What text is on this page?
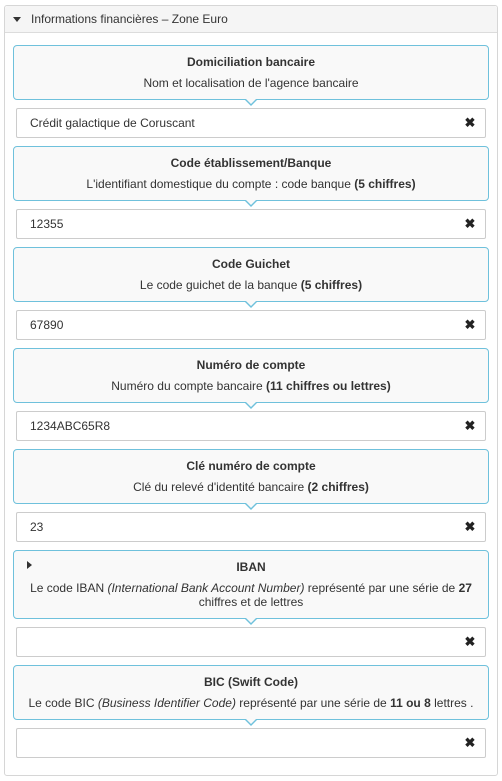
Informations financières – Zone Euro
Domiciliation bancaire
Nom et localisation de l'agence bancaire
Crédit galactique de Coruscant
✖
Code établissement/Banque
L'identifiant domestique du compte : code banque (5 chiffres)
12355
✖
Code Guichet
Le code guichet de la banque (5 chiffres)
67890
✖
Numéro de compte
Numéro du compte bancaire (11 chiffres ou lettres)
1234ABC65R8
✖
Clé numéro de compte
Clé du relevé d'identité bancaire (2 chiffres)
23
✖
IBAN
Le code IBAN (International Bank Account Number) représenté par une série de 27 chiffres et de lettres
✖
BIC (Swift Code)
Le code BIC (Business Identifier Code) représenté par une série de 11 ou 8 lettres .
✖
